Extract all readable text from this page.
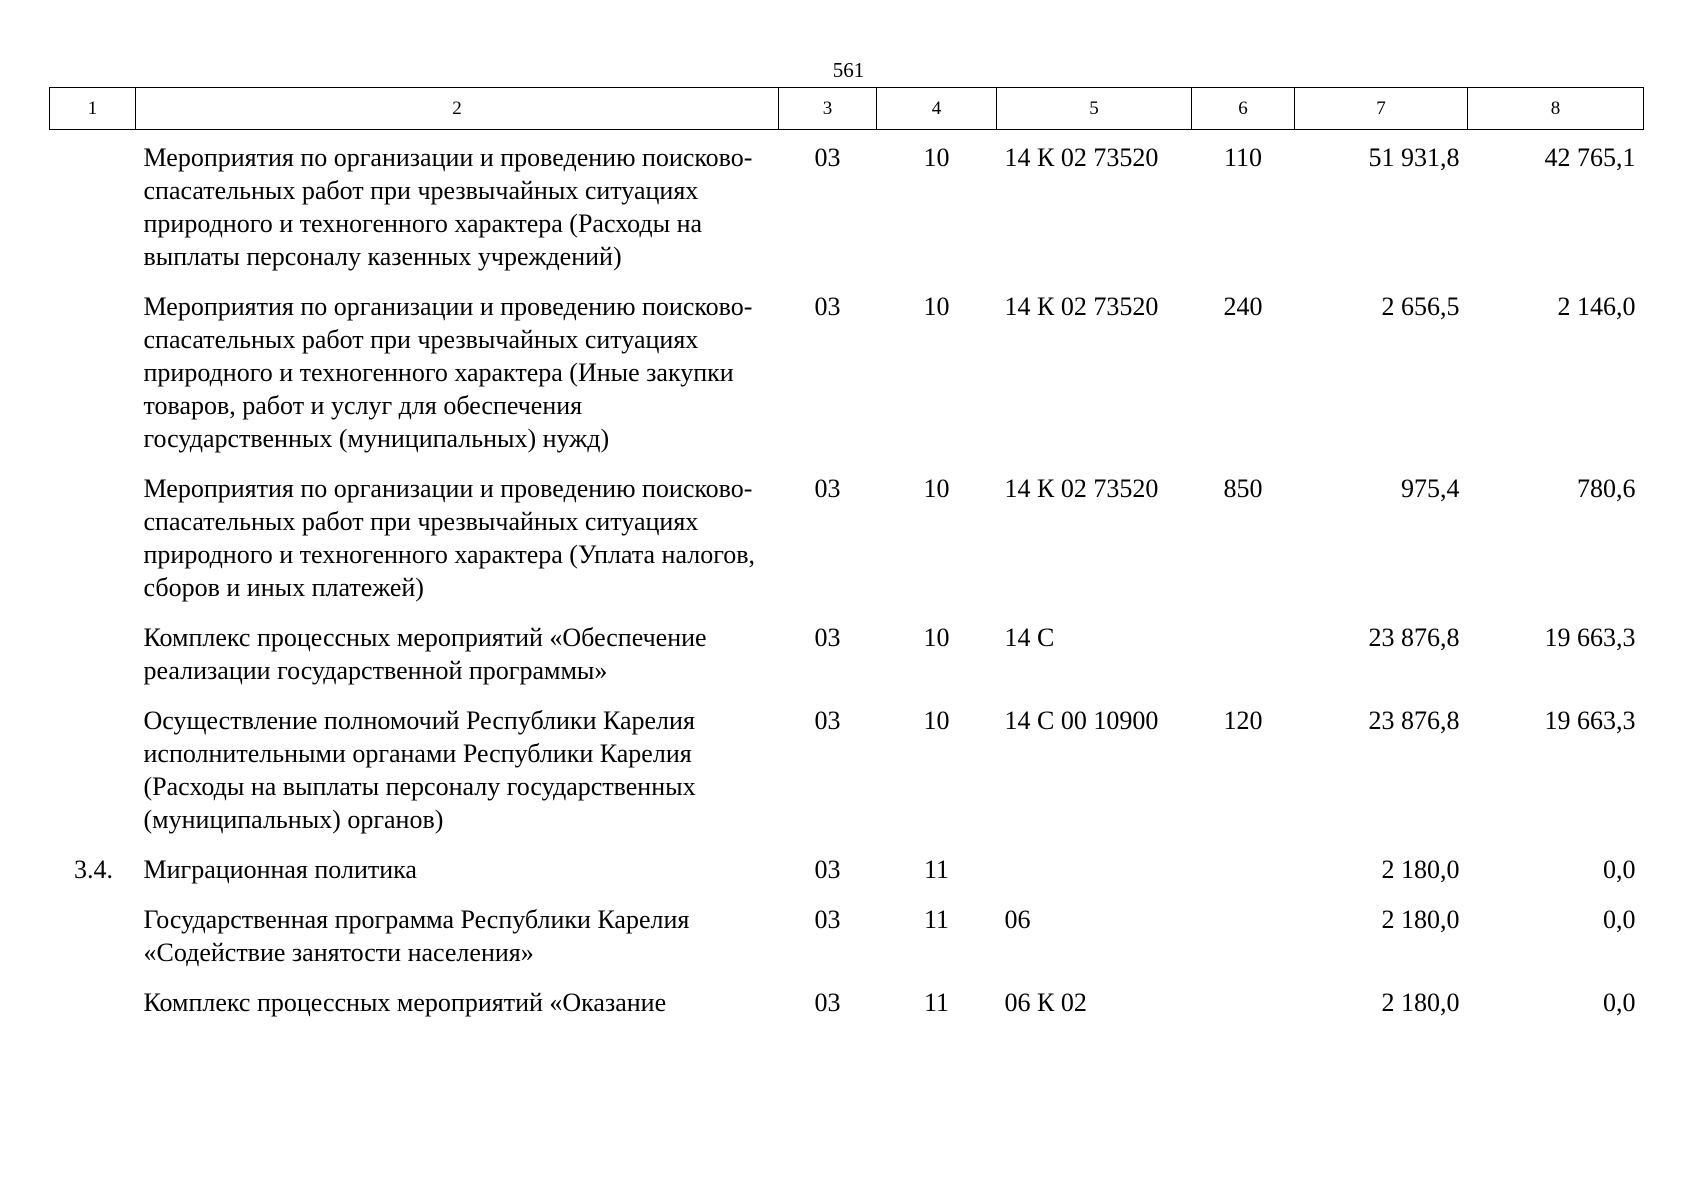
561
1	2	3	4	5	6	7	8
	Мероприятия по организации и проведению поисково-спасательных работ при чрезвычайных ситуациях природного и техногенного характера (Расходы на выплаты персоналу казенных учреждений)	03	10	14 К 02 73520	110	51 931,8	42 765,1
	Мероприятия по организации и проведению поисково-спасательных работ при чрезвычайных ситуациях природного и техногенного характера (Иные закупки товаров, работ и услуг для обеспечения государственных (муниципальных) нужд)	03	10	14 К 02 73520	240	2 656,5	2 146,0
	Мероприятия по организации и проведению поисково-спасательных работ при чрезвычайных ситуациях природного и техногенного характера (Уплата налогов, сборов и иных платежей)	03	10	14 К 02 73520	850	975,4	780,6
	Комплекс процессных мероприятий «Обеспечение реализации государственной программы»	03	10	14 С		23 876,8	19 663,3
	Осуществление полномочий Республики Карелия исполнительными органами Республики Карелия (Расходы на выплаты персоналу государственных (муниципальных) органов)	03	10	14 С 00 10900	120	23 876,8	19 663,3
3.4.	Миграционная политика	03	11			2 180,0	0,0
	Государственная программа Республики Карелия «Содействие занятости населения»	03	11	06		2 180,0	0,0
	Комплекс процессных мероприятий «Оказание	03	11	06 К 02		2 180,0	0,0
